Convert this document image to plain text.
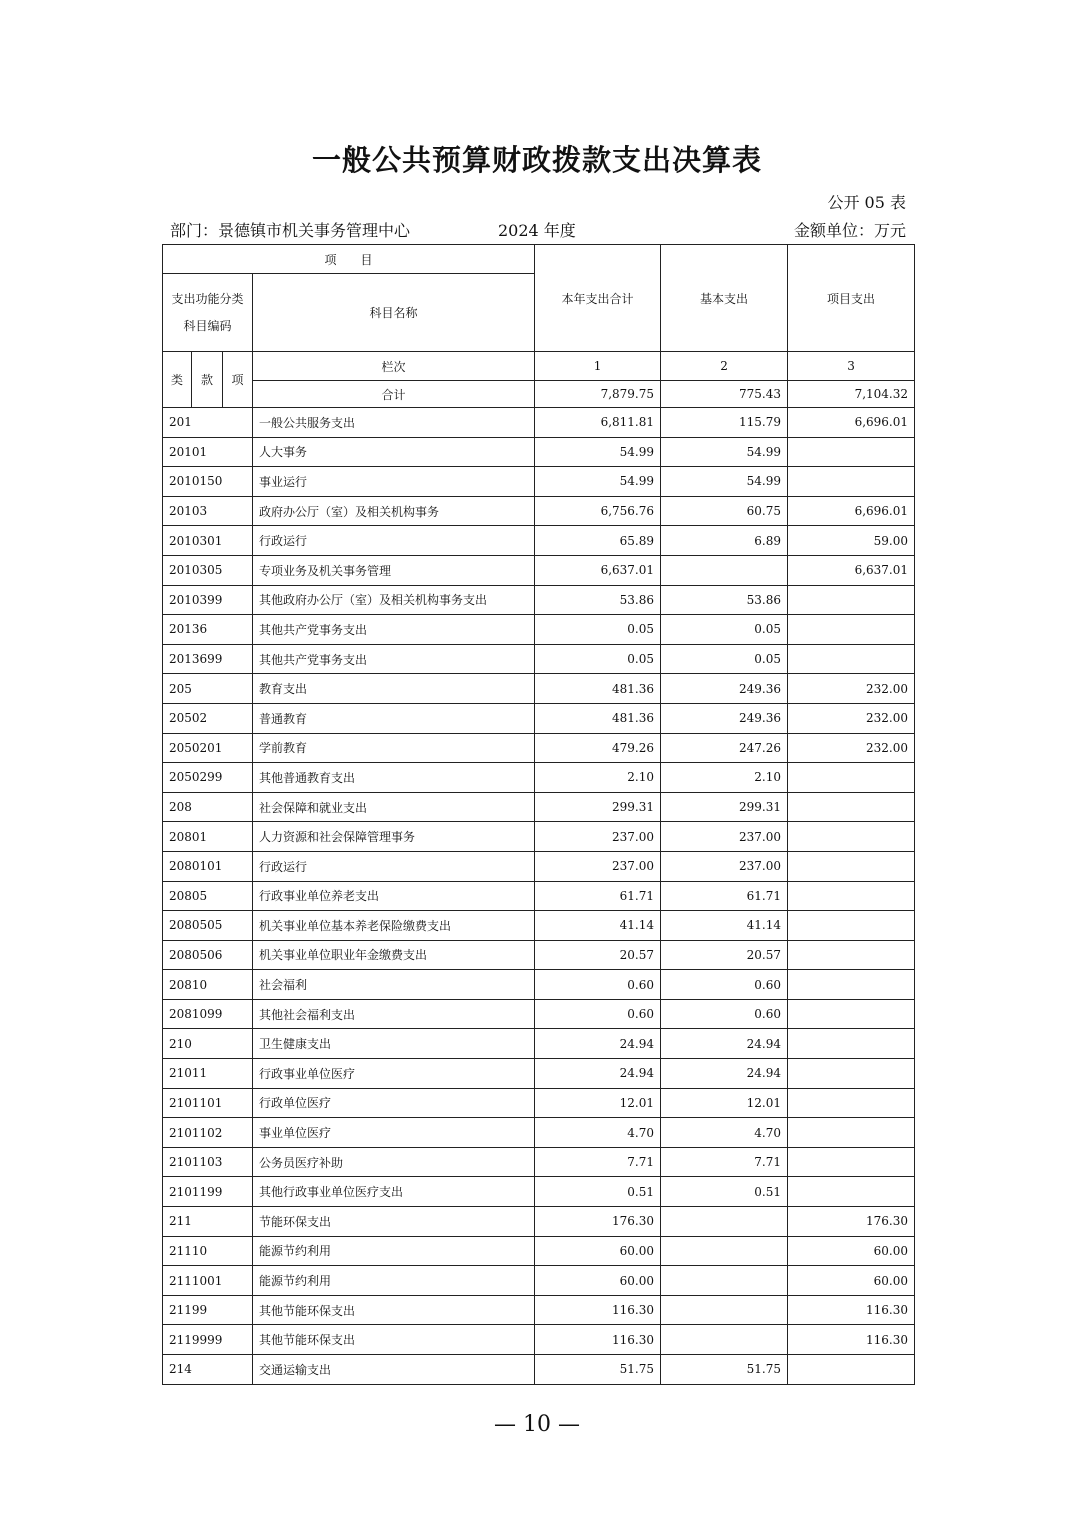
一般公共预算财政拨款支出决算表
公开 05 表
部门：景德镇市机关事务管理中心	2024 年度	金额单位：万元
项　　目				本年支出合计	基本支出	项目支出
支出功能分类科目编码			科目名称			
类	款	项	栏次	1	2	3
			合计	7,879.75	775.43	7,104.32
201			一般公共服务支出	6,811.81	115.79	6,696.01
20101			人大事务	54.99	54.99	
2010150			事业运行	54.99	54.99	
20103			政府办公厅（室）及相关机构事务	6,756.76	60.75	6,696.01
2010301			行政运行	65.89	6.89	59.00
2010305			专项业务及机关事务管理	6,637.01		6,637.01
2010399			其他政府办公厅（室）及相关机构事务支出	53.86	53.86	
20136			其他共产党事务支出	0.05	0.05	
2013699			其他共产党事务支出	0.05	0.05	
205			教育支出	481.36	249.36	232.00
20502			普通教育	481.36	249.36	232.00
2050201			学前教育	479.26	247.26	232.00
2050299			其他普通教育支出	2.10	2.10	
208			社会保障和就业支出	299.31	299.31	
20801			人力资源和社会保障管理事务	237.00	237.00	
2080101			行政运行	237.00	237.00	
20805			行政事业单位养老支出	61.71	61.71	
2080505			机关事业单位基本养老保险缴费支出	41.14	41.14	
2080506			机关事业单位职业年金缴费支出	20.57	20.57	
20810			社会福利	0.60	0.60	
2081099			其他社会福利支出	0.60	0.60	
210			卫生健康支出	24.94	24.94	
21011			行政事业单位医疗	24.94	24.94	
2101101			行政单位医疗	12.01	12.01	
2101102			事业单位医疗	4.70	4.70	
2101103			公务员医疗补助	7.71	7.71	
2101199			其他行政事业单位医疗支出	0.51	0.51	
211			节能环保支出	176.30		176.30
21110			能源节约利用	60.00		60.00
2111001			能源节约利用	60.00		60.00
21199			其他节能环保支出	116.30		116.30
2119999			其他节能环保支出	116.30		116.30
214			交通运输支出	51.75	51.75	
— 10 —
